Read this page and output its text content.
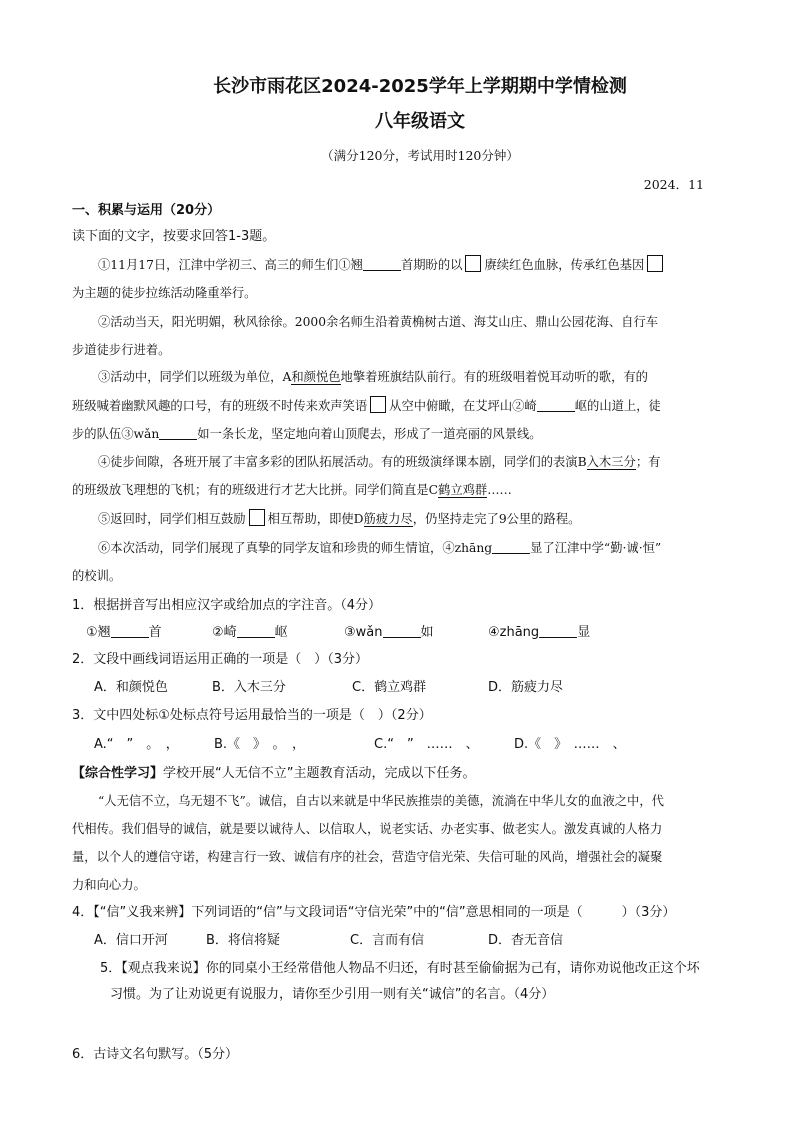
长沙市雨花区2024-2025学年上学期期中学情检测
八年级语文
（满分120分，考试用时120分钟）
2024．11
一、积累与运用（20分）
读下面的文字，按要求回答1-3题。
①11月17日，江津中学初三、高三的师生们①翘	首期盼的以 赓续红色血脉，传承红色基因
为主题的徒步拉练活动隆重举行。
②活动当天，阳光明媚，秋风徐徐。2000余名师生沿着黄桷树古道、海艾山庄、鼎山公园花海、自行车
步道徒步行进着。
③活动中，同学们以班级为单位，A和颜悦色地擎着班旗结队前行。有的班级唱着悦耳动听的歌，有的
班级喊着幽默风趣的口号，有的班级不时传来欢声笑语 从空中俯瞰，在艾坪山②崎	岖的山道上，徒
步的队伍③wǎn	如一条长龙，坚定地向着山顶爬去，形成了一道亮丽的风景线。
④徒步间隙，各班开展了丰富多彩的团队拓展活动。有的班级演绎课本剧，同学们的表演B入木三分；有
的班级放飞理想的飞机；有的班级进行才艺大比拼。同学们简直是C鹤立鸡群……
⑤返回时，同学们相互鼓励 相互帮助，即使D筋疲力尽，仍坚持走完了9公里的路程。
⑥本次活动，同学们展现了真挚的同学友谊和珍贵的师生情谊，④zhāng	显了江津中学“勤·诚·恒”
的校训。
1．根据拼音写出相应汉字或给加点的字注音。（4分）
①翘	首	②崎	岖	③wǎn	如	④zhāng	显
2．文段中画线词语运用正确的一项是（　）（3分）
A．和颜悦色	B．入木三分	C．鹤立鸡群	D．筋疲力尽
3．文中四处标①处标点符号运用最恰当的一项是（　）（2分）
A.“　”　。　，	B.《　》　。　，	C.“　”　……　、	D.《　》　……　、
【综合性学习】学校开展“人无信不立”主题教育活动，完成以下任务。
“人无信不立，乌无翅不飞”。诚信，自古以来就是中华民族推崇的美德，流淌在中华儿女的血液之中，代
代相传。我们倡导的诚信，就是要以诚待人、以信取人，说老实话、办老实事、做老实人。激发真诚的人格力
量，以个人的遵信守诺，构建言行一致、诚信有序的社会，营造守信光荣、失信可耻的风尚，增强社会的凝聚
力和向心力。
4．【“信”义我来辨】下列词语的“信”与文段词语“守信光荣”中的“信”意思相同的一项是（　　　）（3分）
A．信口开河	B．将信将疑	C．言而有信	D．杳无音信
5．【观点我来说】你的同桌小王经常借他人物品不归还，有时甚至偷偷据为己有，请你劝说他改正这个坏
习惯。为了让劝说更有说服力，请你至少引用一则有关“诚信”的名言。（4分）
6．古诗文名句默写。（5分）
